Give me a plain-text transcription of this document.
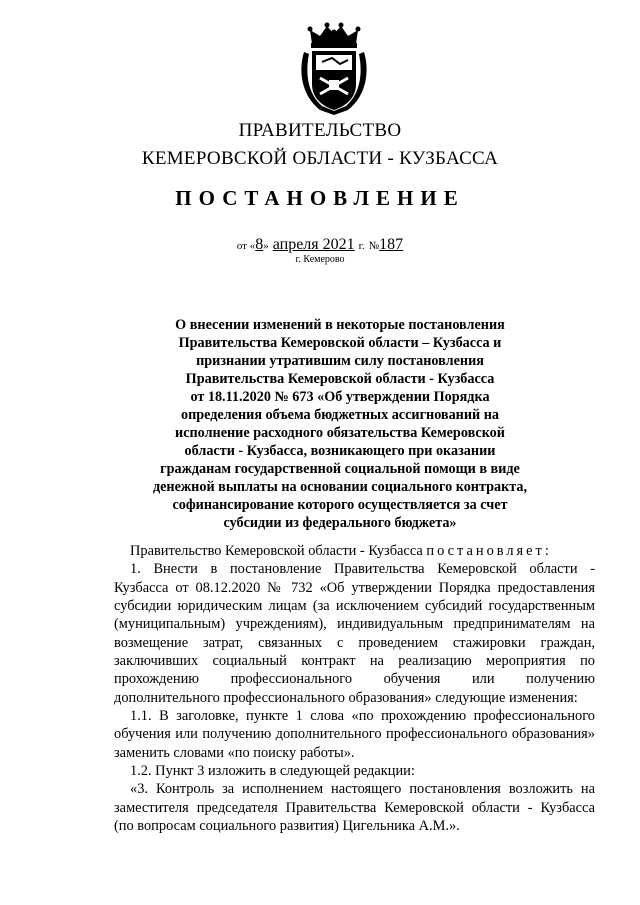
ПРАВИТЕЛЬСТВО
КЕМЕРОВСКОЙ ОБЛАСТИ - КУЗБАССА
ПОСТАНОВЛЕНИЕ
от «8» апреля 2021 г. №187
г. Кемерово
О внесении изменений в некоторые постановления
Правительства Кемеровской области – Кузбасса и
признании утратившим силу постановления
Правительства Кемеровской области - Кузбасса
от 18.11.2020 № 673 «Об утверждении Порядка
определения объема бюджетных ассигнований на
исполнение расходного обязательства Кемеровской
области - Кузбасса, возникающего при оказании
гражданам государственной социальной помощи в виде
денежной выплаты на основании социального контракта,
софинансирование которого осуществляется за счет
субсидии из федерального бюджета»

Правительство Кемеровской области - Кузбасса постановляет:

1. Внести в постановление Правительства Кемеровской области -

Кузбасса от 08.12.2020 № 732 «Об утверждении Порядка предоставления

субсидии юридическим лицам (за исключением субсидий государственным

(муниципальным) учреждениям), индивидуальным предпринимателям на

возмещение затрат, связанных с проведением стажировки граждан,

заключивших социальный контракт на реализацию мероприятия по

прохождению профессионального обучения или получению

дополнительного профессионального образования» следующие изменения:

1.1. В заголовке, пункте 1 слова «по прохождению профессионального

обучения или получению дополнительного профессионального образования»

заменить словами «по поиску работы».

1.2. Пункт 3 изложить в следующей редакции:

«3. Контроль за исполнением настоящего постановления возложить на

заместителя председателя Правительства Кемеровской области - Кузбасса

(по вопросам социального развития) Цигельника А.М.».
